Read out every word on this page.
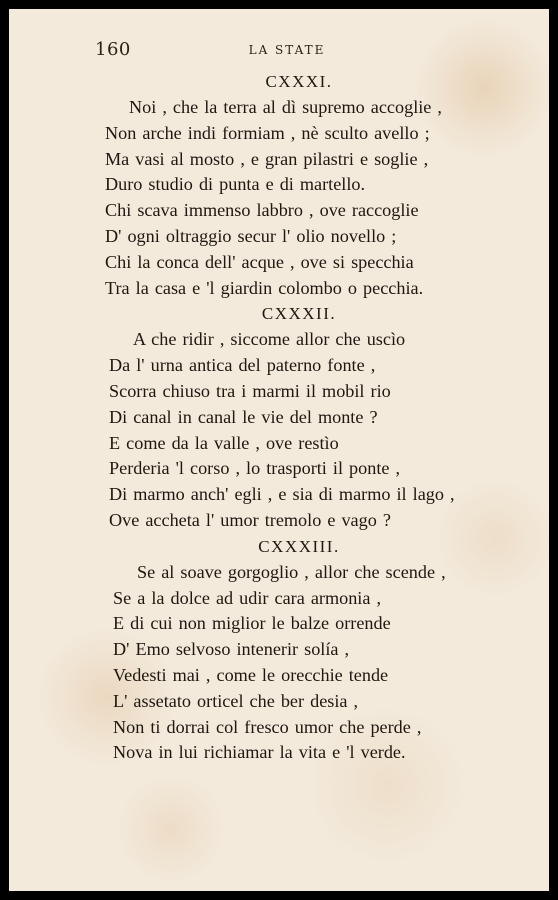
160	LA STATE
CXXXI.
Noi , che la terra al dì supremo accoglie ,
Non arche indi formiam , nè sculto avello ;
Ma vasi al mosto , e gran pilastri e soglie ,
Duro studio di punta e di martello.
Chi scava immenso labbro , ove raccoglie
D' ogni oltraggio secur l' olio novello ;
Chi la conca dell' acque , ove si specchia
Tra la casa e 'l giardin colombo o pecchia.
CXXXII.
A che ridir , siccome allor che uscìo
Da l' urna antica del paterno fonte ,
Scorra chiuso tra i marmi il mobil rio
Di canal in canal le vie del monte ?
E come da la valle , ove restìo
Perderia 'l corso , lo trasporti il ponte ,
Di marmo anch' egli , e sia di marmo il lago ,
Ove accheta l' umor tremolo e vago ?
CXXXIII.
Se al soave gorgoglio , allor che scende ,
Se a la dolce ad udir cara armonia ,
E di cui non miglior le balze orrende
D' Emo selvoso intenerir solía ,
Vedesti mai , come le orecchie tende
L' assetato orticel che ber desia ,
Non ti dorrai col fresco umor che perde ,
Nova in lui richiamar la vita e 'l verde.
